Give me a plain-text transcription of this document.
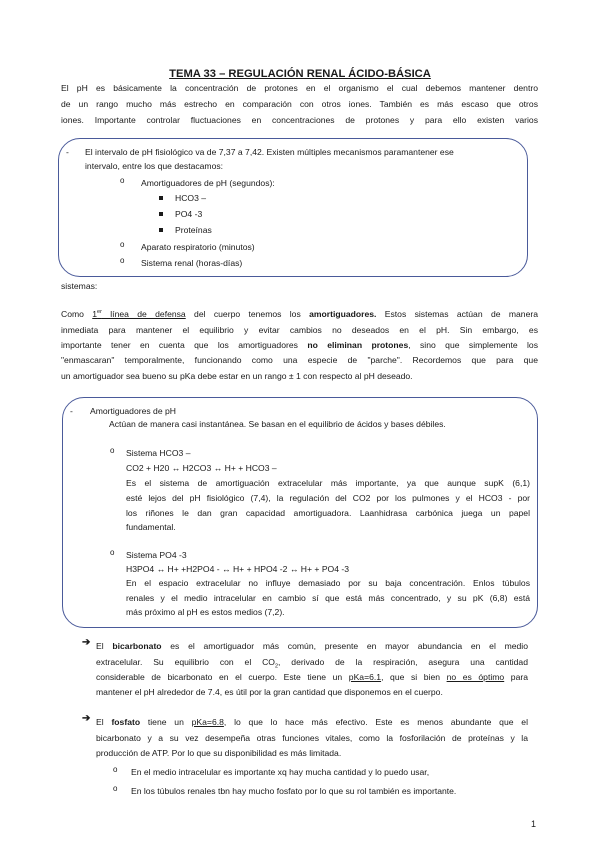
TEMA 33 – REGULACIÓN RENAL ÁCIDO-BÁSICA
El pH es básicamente la concentración de protones en el organismo el cual debemos mantener dentro
de un rango mucho más estrecho en comparación con otros iones. También es más escaso que otros
iones. Importante controlar fluctuaciones en concentraciones de protones y para ello existen varios
- El intervalo de pH fisiológico va de 7,37 a 7,42. Existen múltiples mecanismos paramantener ese
intervalo, entre los que destacamos:
o Amortiguadores de pH (segundos):
HCO3 –
PO4 -3
Proteínas
o Aparato respiratorio (minutos)
o Sistema renal (horas-días)
sistemas:
Como 1er línea de defensa del cuerpo tenemos los amortiguadores. Estos sistemas actúan de manera
inmediata para mantener el equilibrio y evitar cambios no deseados en el pH. Sin embargo, es
importante tener en cuenta que los amortiguadores no eliminan protones, sino que simplemente los
"enmascaran" temporalmente, funcionando como una especie de "parche". Recordemos que para que
un amortiguador sea bueno su pKa debe estar en un rango ± 1 con respecto al pH deseado.
- Amortiguadores de pH
Actúan de manera casi instantánea. Se basan en el equilibrio de ácidos y bases débiles.
o Sistema HCO3 –
CO2 + H20 ↔ H2CO3 ↔ H+ + HCO3 –
Es el sistema de amortiguación extracelular más importante, ya que aunque supK (6,1)
esté lejos del pH fisiológico (7,4), la regulación del CO2 por los pulmones y el HCO3 - por
los riñones le dan gran capacidad amortiguadora. Laanhidrasa carbónica juega un papel
fundamental.
o Sistema PO4 -3
H3PO4 ↔ H+ +H2PO4 - ↔ H+ + HPO4 -2 ↔ H+ + PO4 -3
En el espacio extracelular no influye demasiado por su baja concentración. Enlos túbulos
renales y el medio intracelular en cambio sí que está más concentrado, y su pK (6,8) está
más próximo al pH es estos medios (7,2).
➔ El bicarbonato es el amortiguador más común, presente en mayor abundancia en el medio
extracelular. Su equilibrio con el $CO_2$, derivado de la respiración, asegura una cantidad
considerable de bicarbonato en el cuerpo. Este tiene un pKa=6.1, que si bien no es óptimo para
mantener el pH alrededor de 7.4, es útil por la gran cantidad que disponemos en el cuerpo.
➔ El fosfato tiene un pKa=6.8, lo que lo hace más efectivo. Este es menos abundante que el
bicarbonato y a su vez desempeña otras funciones vitales, como la fosforilación de proteínas y la
producción de ATP. Por lo que su disponibilidad es más limitada.
o En el medio intracelular es importante xq hay mucha cantidad y lo puedo usar,
o En los túbulos renales tbn hay mucho fosfato por lo que su rol también es importante.
1
